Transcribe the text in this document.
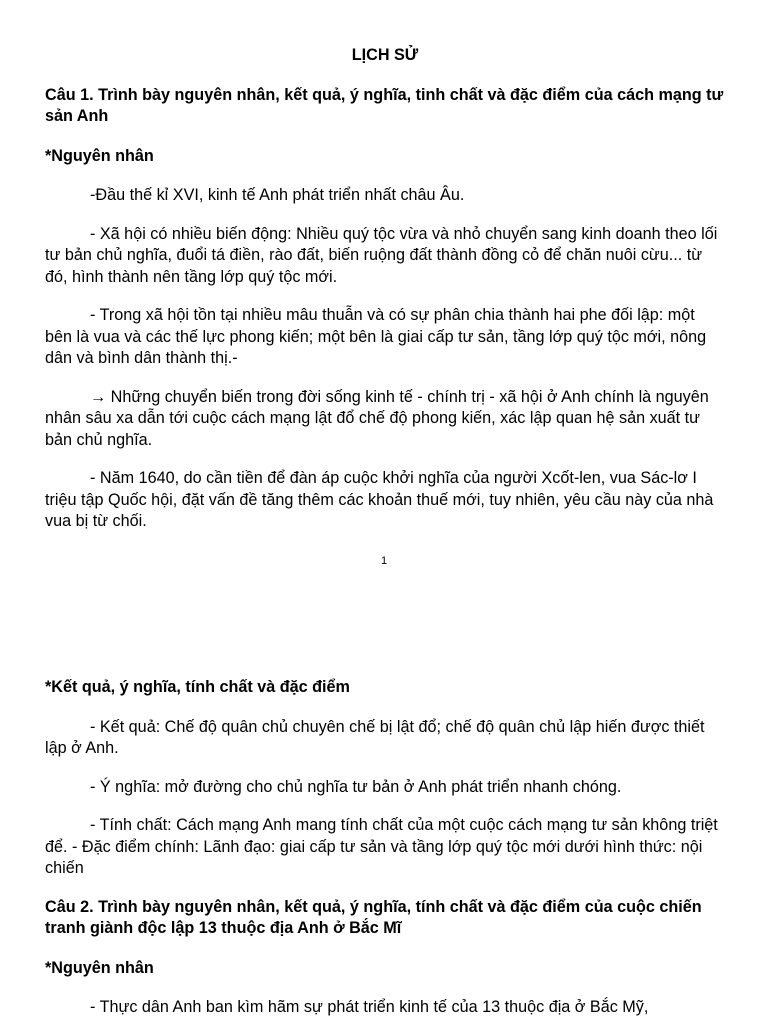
LỊCH SỬ
Câu 1. Trình bày nguyên nhân, kết quả, ý nghĩa, tinh chất và đặc điểm của cách mạng tư sản Anh
*Nguyên nhân
-Đầu thế kỉ XVI, kinh tế Anh phát triển nhất châu Âu.
- Xã hội có nhiều biến động: Nhiều quý tộc vừa và nhỏ chuyển sang kinh doanh theo lối tư bản chủ nghĩa, đuổi tá điền, rào đất, biến ruộng đất thành đồng cỏ để chăn nuôi cừu... từ đó, hình thành nên tầng lớp quý tộc mới.
- Trong xã hội tồn tại nhiều mâu thuẫn và có sự phân chia thành hai phe đối lập: một bên là vua và các thế lực phong kiến; một bên là giai cấp tư sản, tầng lớp quý tộc mới, nông dân và bình dân thành thị.-
→ Những chuyển biến trong đời sống kinh tế - chính trị - xã hội ở Anh chính là nguyên nhân sâu xa dẫn tới cuộc cách mạng lật đổ chế độ phong kiến, xác lập quan hệ sản xuất tư bản chủ nghĩa.
- Năm 1640, do cần tiền để đàn áp cuộc khởi nghĩa của người Xcốt-len, vua Sác-lơ I triệu tập Quốc hội, đặt vấn đề tăng thêm các khoản thuế mới, tuy nhiên, yêu cầu này của nhà vua bị từ chối.
1
*Kết quả, ý nghĩa, tính chất và đặc điểm
- Kết quả: Chế độ quân chủ chuyên chế bị lật đổ; chế độ quân chủ lập hiến được thiết lập ở Anh.
- Ý nghĩa: mở đường cho chủ nghĩa tư bản ở Anh phát triển nhanh chóng.
- Tính chất: Cách mạng Anh mang tính chất của một cuộc cách mạng tư sản không triệt để. - Đặc điểm chính: Lãnh đạo: giai cấp tư sản và tầng lớp quý tộc mới dưới hình thức: nội chiến
Câu 2. Trình bày nguyên nhân, kết quả, ý nghĩa, tính chất và đặc điểm của cuộc chiến tranh giành độc lập 13 thuộc địa Anh ở Bắc Mĩ
*Nguyên nhân
- Thực dân Anh ban kìm hãm sự phát triển kinh tế của 13 thuộc địa ở Bắc Mỹ,
